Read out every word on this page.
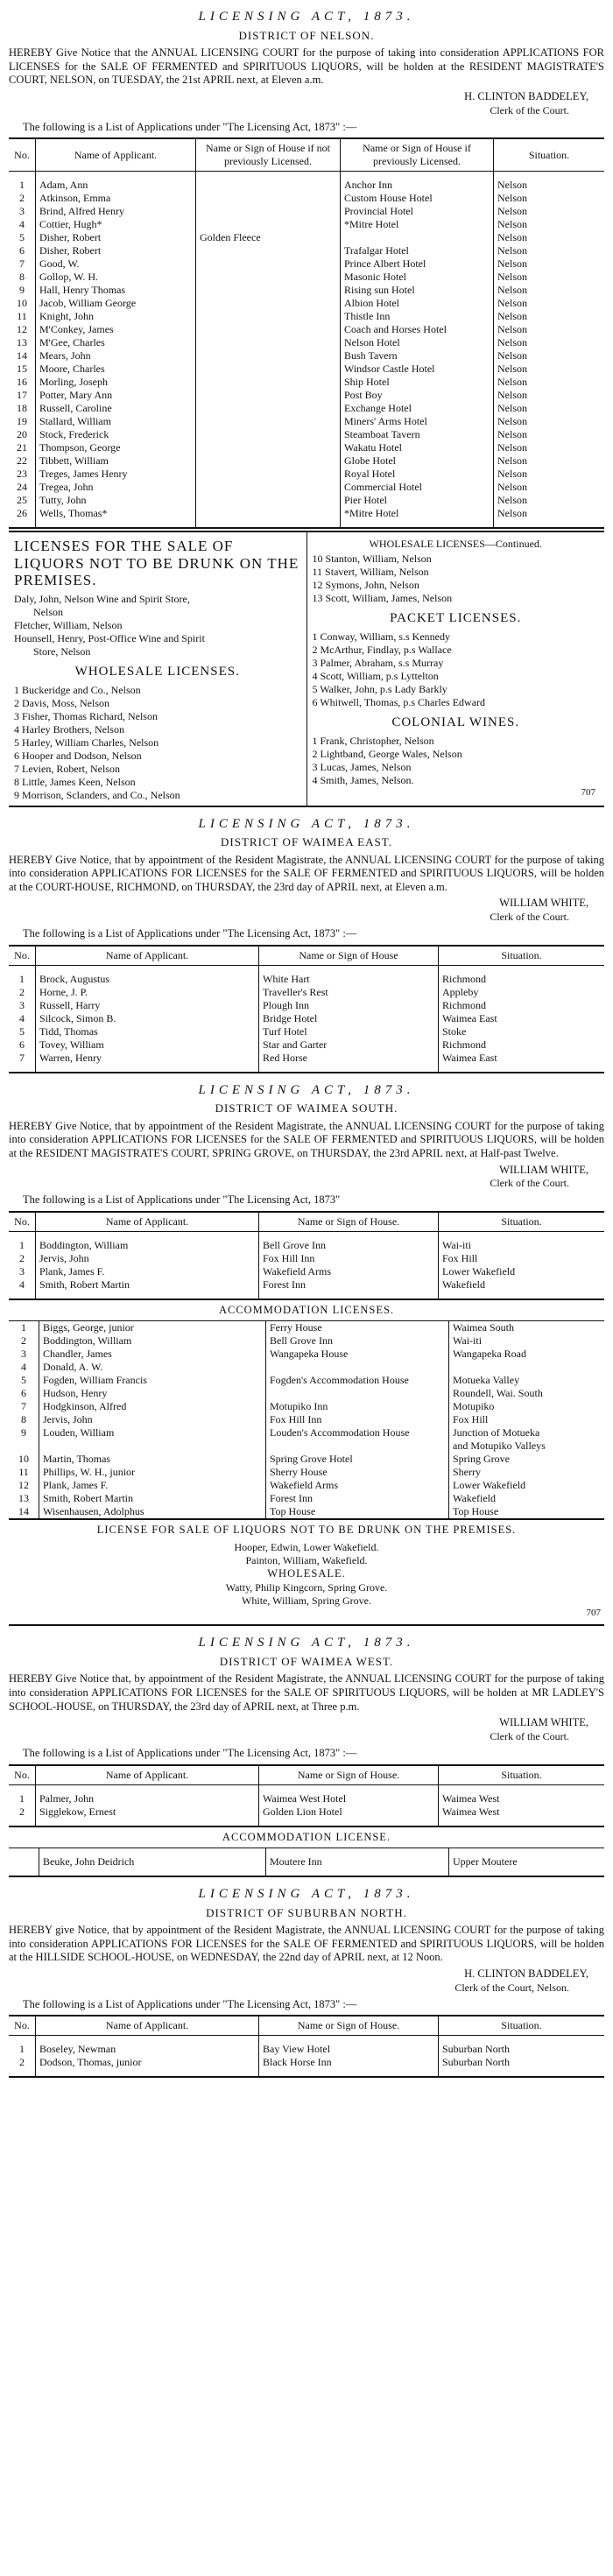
LICENSING ACT, 1873.
DISTRICT OF NELSON.

HEREBY Give Notice that the ANNUAL LICENSING COURT for the purpose of taking into consideration APPLICATIONS FOR LICENSES for the SALE OF FERMENTED and SPIRITUOUS LIQUORS, will be holden at the RESIDENT MAGISTRATE'S COURT, NELSON, on TUESDAY, the 21st APRIL next, at Eleven a.m.

H. CLINTON BADDELEY,
Clerk of the Court.
The following is a List of Applications under "The Licensing Act, 1873" :—
No.	Name of Applicant.	Name or Sign of House if not previously Licensed.	Name or Sign of House if previously Licensed.	Situation.

1	Adam, Ann		Anchor Inn	Nelson
2	Atkinson, Emma		Custom House Hotel	Nelson
3	Brind, Alfred Henry		Provincial Hotel	Nelson
4	Cottier, Hugh*		*Mitre Hotel	Nelson
5	Disher, Robert	Golden Fleece		Nelson
6	Disher, Robert		Trafalgar Hotel	Nelson
7	Good, W.		Prince Albert Hotel	Nelson
8	Gollop, W. H.		Masonic Hotel	Nelson
9	Hall, Henry Thomas		Rising sun Hotel	Nelson
10	Jacob, William George		Albion Hotel	Nelson
11	Knight, John		Thistle Inn	Nelson
12	M'Conkey, James		Coach and Horses Hotel	Nelson
13	M'Gee, Charles		Nelson Hotel	Nelson
14	Mears, John		Bush Tavern	Nelson
15	Moore, Charles		Windsor Castle Hotel	Nelson
16	Morling, Joseph		Ship Hotel	Nelson
17	Potter, Mary Ann		Post Boy	Nelson
18	Russell, Caroline		Exchange Hotel	Nelson
19	Stallard, William		Miners' Arms Hotel	Nelson
20	Stock, Frederick		Steamboat Tavern	Nelson
21	Thompson, George		Wakatu Hotel	Nelson
22	Tibbett, William		Globe Hotel	Nelson
23	Treges, James Henry		Royal Hotel	Nelson
24	Tregea, John		Commercial Hotel	Nelson
25	Tutty, John		Pier Hotel	Nelson
26	Wells, Thomas*		*Mitre Hotel	Nelson

LICENSES FOR THE SALE OF LIQUORS NOT TO BE DRUNK ON THE PREMISES.
Daly, John, Nelson Wine and Spirit Store,
Nelson
Fletcher, William, Nelson
Hounsell, Henry, Post-Office Wine and Spirit
Store, Nelson
WHOLESALE LICENSES.
1 Buckeridge and Co., Nelson
2 Davis, Moss, Nelson
3 Fisher, Thomas Richard, Nelson
4 Harley Brothers, Nelson
5 Harley, William Charles, Nelson
6 Hooper and Dodson, Nelson
7 Levien, Robert, Nelson
8 Little, James Keen, Nelson
9 Morrison, Sclanders, and Co., Nelson
WHOLESALE LICENSES—Continued.
10 Stanton, William, Nelson
11 Stavert, William, Nelson
12 Symons, John, Nelson
13 Scott, William, James, Nelson
PACKET LICENSES.
1 Conway, William, s.s Kennedy
2 McArthur, Findlay, p.s Wallace
3 Palmer, Abraham, s.s Murray
4 Scott, William, p.s Lyttelton
5 Walker, John, p.s Lady Barkly
6 Whitwell, Thomas, p.s Charles Edward
COLONIAL WINES.
1 Frank, Christopher, Nelson
2 Lightband, George Wales, Nelson
3 Lucas, James, Nelson
4 Smith, James, Nelson.
707
LICENSING ACT, 1873.
DISTRICT OF WAIMEA EAST.

HEREBY Give Notice, that by appointment of the Resident Magistrate, the ANNUAL LICENSING COURT for the purpose of taking into consideration APPLICATIONS FOR LICENSES for the SALE OF FERMENTED and SPIRITUOUS LIQUORS, will be holden at the COURT-HOUSE, RICHMOND, on THURSDAY, the 23rd day of APRIL next, at Eleven a.m.

WILLIAM WHITE,
Clerk of the Court.
The following is a List of Applications under "The Licensing Act, 1873" :—
No.	Name of Applicant.	Name or Sign of House	Situation.

1	Brock, Augustus	White Hart	Richmond
2	Horne, J. P.	Traveller's Rest	Appleby
3	Russell, Harry	Plough Inn	Richmond
4	Silcock, Simon B.	Bridge Hotel	Waimea East
5	Tidd, Thomas	Turf Hotel	Stoke
6	Tovey, William	Star and Garter	Richmond
7	Warren, Henry	Red Horse	Waimea East

LICENSING ACT, 1873.
DISTRICT OF WAIMEA SOUTH.

HEREBY Give Notice, that by appointment of the Resident Magistrate, the ANNUAL LICENSING COURT for the purpose of taking into consideration APPLICATIONS FOR LICENSES for the SALE OF FERMENTED and SPIRITUOUS LIQUORS, will be holden at the RESIDENT MAGISTRATE'S COURT, SPRING GROVE, on THURSDAY, the 23rd APRIL next, at Half-past Twelve.

WILLIAM WHITE,
Clerk of the Court.
The following is a List of Applications under "The Licensing Act, 1873"
No.	Name of Applicant.	Name or Sign of House.	Situation.

1	Boddington, William	Bell Grove Inn	Wai-iti
2	Jervis, John	Fox Hill Inn	Fox Hill
3	Plank, James F.	Wakefield Arms	Lower Wakefield
4	Smith, Robert Martin	Forest Inn	Wakefield

ACCOMMODATION LICENSES.
1	Biggs, George, junior	Ferry House	Waimea South
2	Boddington, William	Bell Grove Inn	Wai-iti
3	Chandler, James	Wangapeka House	Wangapeka Road
4	Donald, A. W.		
5	Fogden, William Francis	Fogden's Accommodation House	Motueka Valley
6	Hudson, Henry		Roundell, Wai. South
7	Hodgkinson, Alfred	Motupiko Inn	Motupiko
8	Jervis, John	Fox Hill Inn	Fox Hill
9	Louden, William	Louden's Accommodation House	Junction of Motueka
			and Motupiko Valleys
10	Martin, Thomas	Spring Grove Hotel	Spring Grove
11	Phillips, W. H., junior	Sherry House	Sherry
12	Plank, James F.	Wakefield Arms	Lower Wakefield
13	Smith, Robert Martin	Forest Inn	Wakefield
14	Wisenhausen, Adolphus	Top House	Top House
LICENSE FOR SALE OF LIQUORS NOT TO BE DRUNK ON THE PREMISES.
Hooper, Edwin, Lower Wakefield.
Painton, William, Wakefield.
WHOLESALE.
Watty, Philip Kingcorn, Spring Grove.
White, William, Spring Grove.
707
LICENSING ACT, 1873.
DISTRICT OF WAIMEA WEST.

HEREBY Give Notice that, by appointment of the Resident Magistrate, the ANNUAL LICENSING COURT for the purpose of taking into consideration APPLICATIONS FOR LICENSES for the SALE OF SPIRITUOUS LIQUORS, will be holden at MR LADLEY'S SCHOOL-HOUSE, on THURSDAY, the 23rd day of APRIL next, at Three p.m.

WILLIAM WHITE,
Clerk of the Court.
The following is a List of Applications under "The Licensing Act, 1873" :—
No.	Name of Applicant.	Name or Sign of House.	Situation.

1	Palmer, John	Waimea West Hotel	Waimea West
2	Sigglekow, Ernest	Golden Lion Hotel	Waimea West

ACCOMMODATION LICENSE.

	Beuke, John Deidrich	Moutere Inn	Upper Moutere

LICENSING ACT, 1873.
DISTRICT OF SUBURBAN NORTH.

HEREBY give Notice, that by appointment of the Resident Magistrate, the ANNUAL LICENSING COURT for the purpose of taking into consideration APPLICATIONS FOR LICENSES for the SALE OF FERMENTED and SPIRITUOUS LIQUORS, will be holden at the HILLSIDE SCHOOL-HOUSE, on WEDNESDAY, the 22nd day of APRIL next, at 12 Noon.

H. CLINTON BADDELEY,
Clerk of the Court, Nelson.
The following is a List of Applications under "The Licensing Act, 1873" :—
No.	Name of Applicant.	Name or Sign of House.	Situation.

1	Boseley, Newman	Bay View Hotel	Suburban North
2	Dodson, Thomas, junior	Black Horse Inn	Suburban North
